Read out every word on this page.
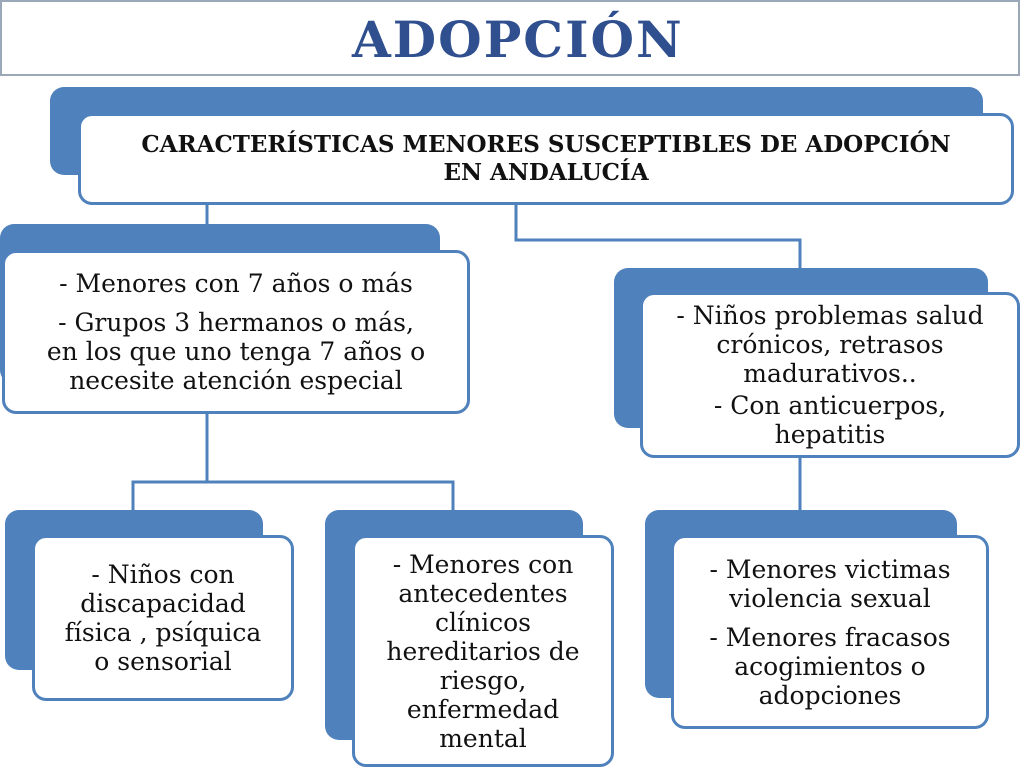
ADOPCIÓN
CARACTERÍSTICAS MENORES SUSCEPTIBLES DE ADOPCIÓN
EN ANDALUCÍA
- Menores con 7 años o más
- Grupos 3 hermanos o más,
en los que uno tenga 7 años o
necesite atención especial
- Niños problemas salud
crónicos, retrasos
madurativos..
- Con anticuerpos,
hepatitis
- Niños con
discapacidad
física , psíquica
o sensorial
- Menores con
antecedentes
clínicos
hereditarios de
riesgo,
enfermedad
mental
- Menores victimas
violencia sexual
- Menores fracasos
acogimientos o
adopciones
